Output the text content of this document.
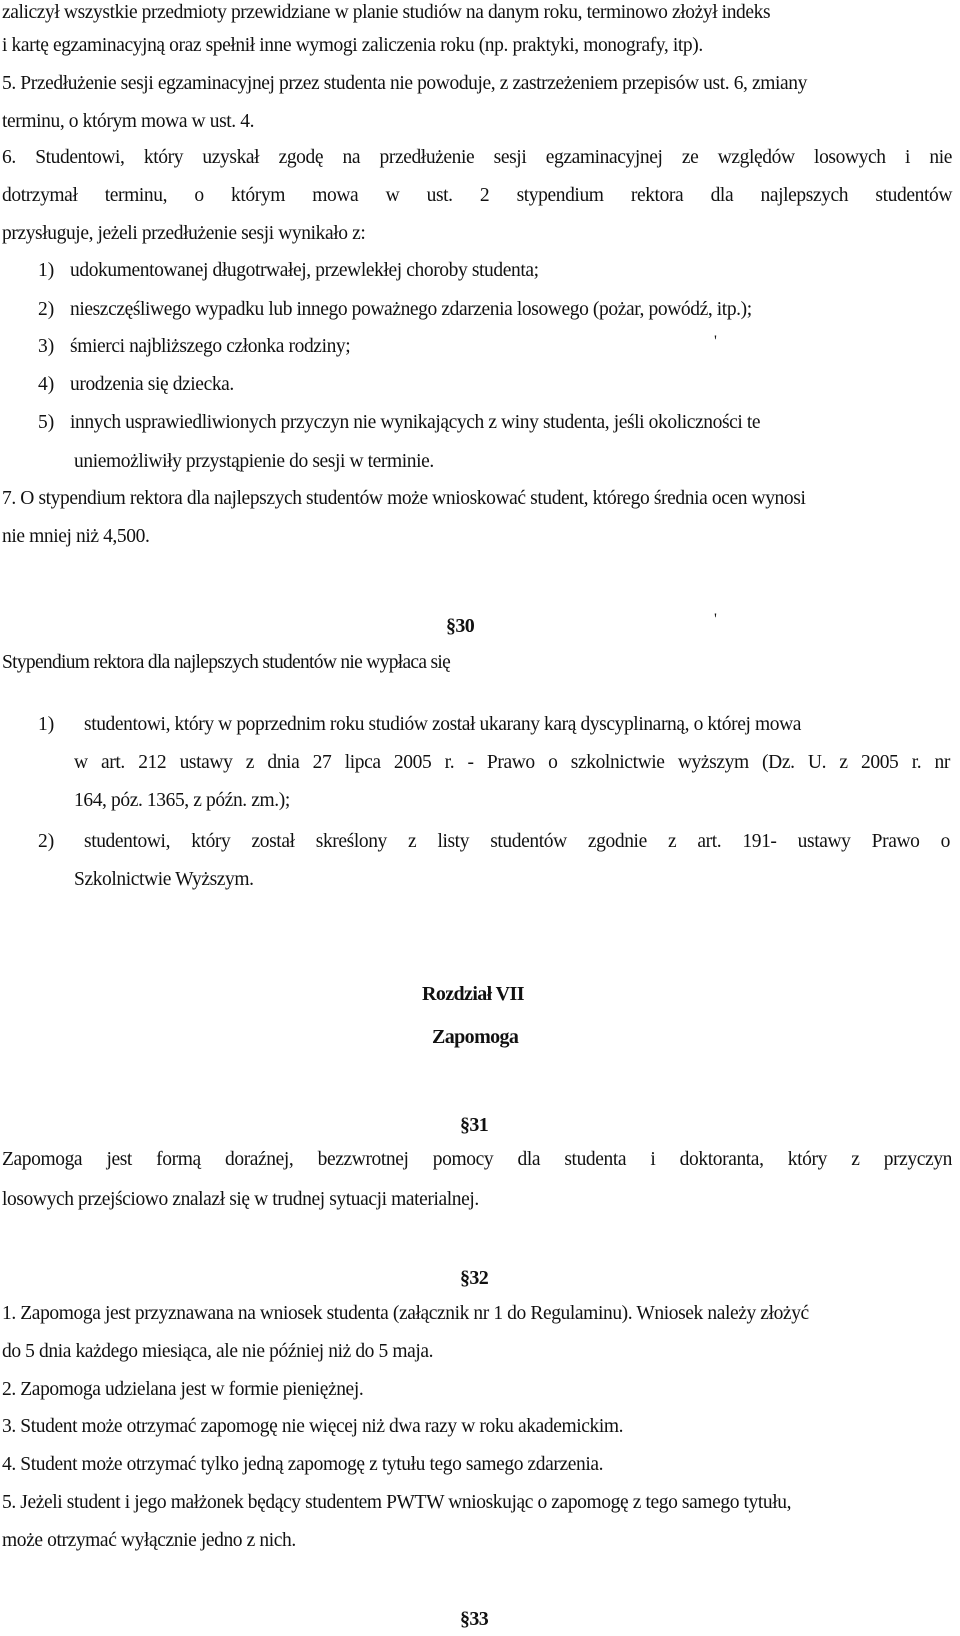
zaliczył wszystkie przedmioty przewidziane w planie studiów na danym roku, terminowo złożył indeks

i kartę egzaminacyjną oraz spełnił inne wymogi zaliczenia roku (np. praktyki, monografy, itp).

5. Przedłużenie sesji egzaminacyjnej przez studenta nie powoduje, z zastrzeżeniem przepisów ust. 6, zmiany

terminu, o którym mowa w ust. 4.

6. Studentowi, który uzyskał zgodę na przedłużenie sesji egzaminacyjnej ze względów losowych i nie

dotrzymał terminu, o którym mowa w ust. 2 stypendium rektora dla najlepszych studentów

przysługuje, jeżeli przedłużenie sesji wynikało z:

1) udokumentowanej długotrwałej, przewlekłej choroby studenta;

2) nieszczęśliwego wypadku lub innego poważnego zdarzenia losowego (pożar, powódź, itp.);

3) śmierci najbliższego członka rodziny;	'

4) urodzenia się dziecka.

5) innych usprawiedliwionych przyczyn nie wynikających z winy studenta, jeśli okoliczności te

uniemożliwiły przystąpienie do sesji w terminie.

7. O stypendium rektora dla najlepszych studentów może wnioskować student, którego średnia ocen wynosi

nie mniej niż 4,500.

§30	'

Stypendium rektora dla najlepszych studentów nie wypłaca się

1) studentowi, który w poprzednim roku studiów został ukarany karą dyscyplinarną, o której mowa

w art. 212 ustawy z dnia 27 lipca 2005 r. - Prawo o szkolnictwie wyższym (Dz. U. z 2005 r. nr

164, póz. 1365, z późn. zm.);

2) studentowi, który został skreślony z listy studentów zgodnie z art. 191- ustawy Prawo o

Szkolnictwie Wyższym.

Rozdział VII

Zapomoga

§31

Zapomoga jest formą doraźnej, bezzwrotnej pomocy dla studenta i doktoranta, który z przyczyn

losowych przejściowo znalazł się w trudnej sytuacji materialnej.

§32

1. Zapomoga jest przyznawana na wniosek studenta (załącznik nr 1 do Regulaminu). Wniosek należy złożyć

do 5 dnia każdego miesiąca, ale nie później niż do 5 maja.

2. Zapomoga udzielana jest w formie pieniężnej.

3. Student może otrzymać zapomogę nie więcej niż dwa razy w roku akademickim.

4. Student może otrzymać tylko jedną zapomogę z tytułu tego samego zdarzenia.

5. Jeżeli student i jego małżonek będący studentem PWTW wnioskując o zapomogę z tego samego tytułu,

może otrzymać wyłącznie jedno z nich.

§33
